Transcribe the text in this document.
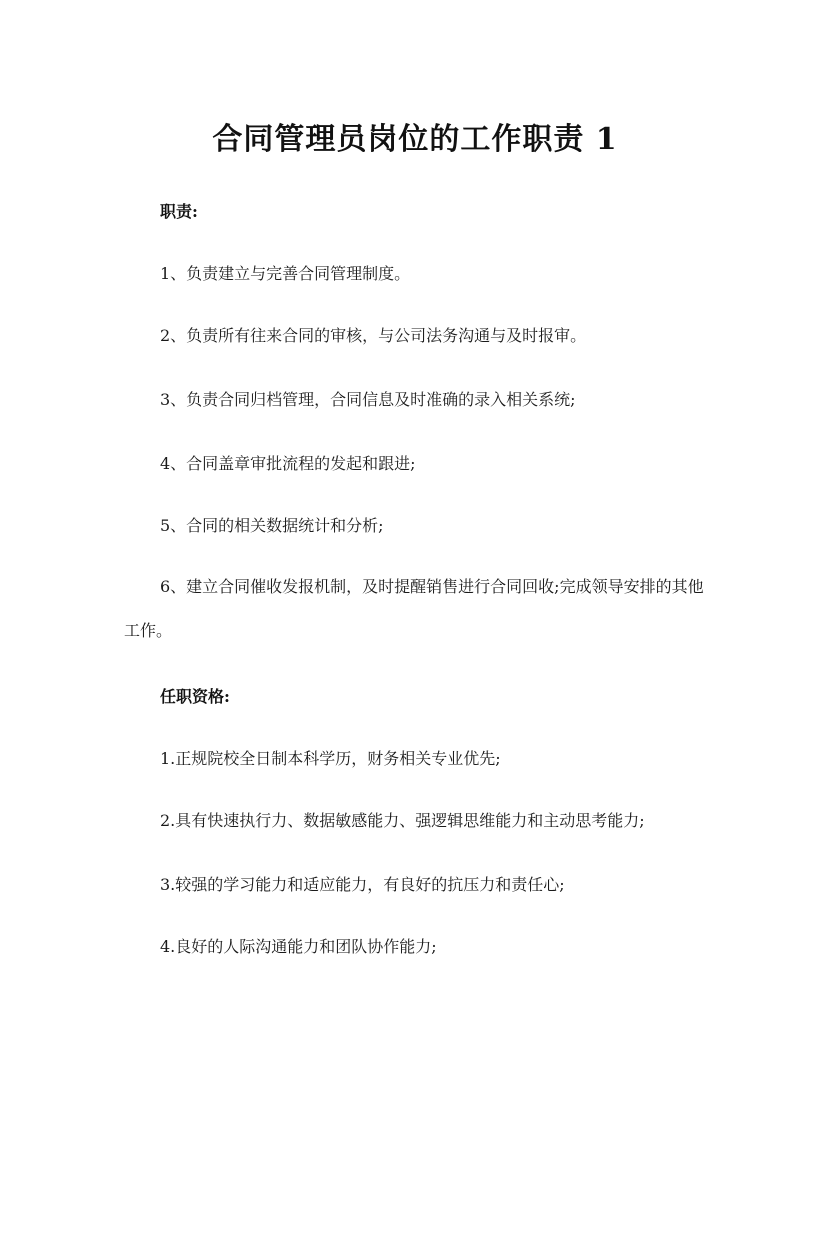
合同管理员岗位的工作职责 1

职责:

1、负责建立与完善合同管理制度。

2、负责所有往来合同的审核，与公司法务沟通与及时报审。

3、负责合同归档管理，合同信息及时准确的录入相关系统;

4、合同盖章审批流程的发起和跟进;

5、合同的相关数据统计和分析;

6、建立合同催收发报机制，及时提醒销售进行合同回收;完成领导安排的其他工作。

任职资格:

1.正规院校全日制本科学历，财务相关专业优先;

2.具有快速执行力、数据敏感能力、强逻辑思维能力和主动思考能力;

3.较强的学习能力和适应能力，有良好的抗压力和责任心;

4.良好的人际沟通能力和团队协作能力;
